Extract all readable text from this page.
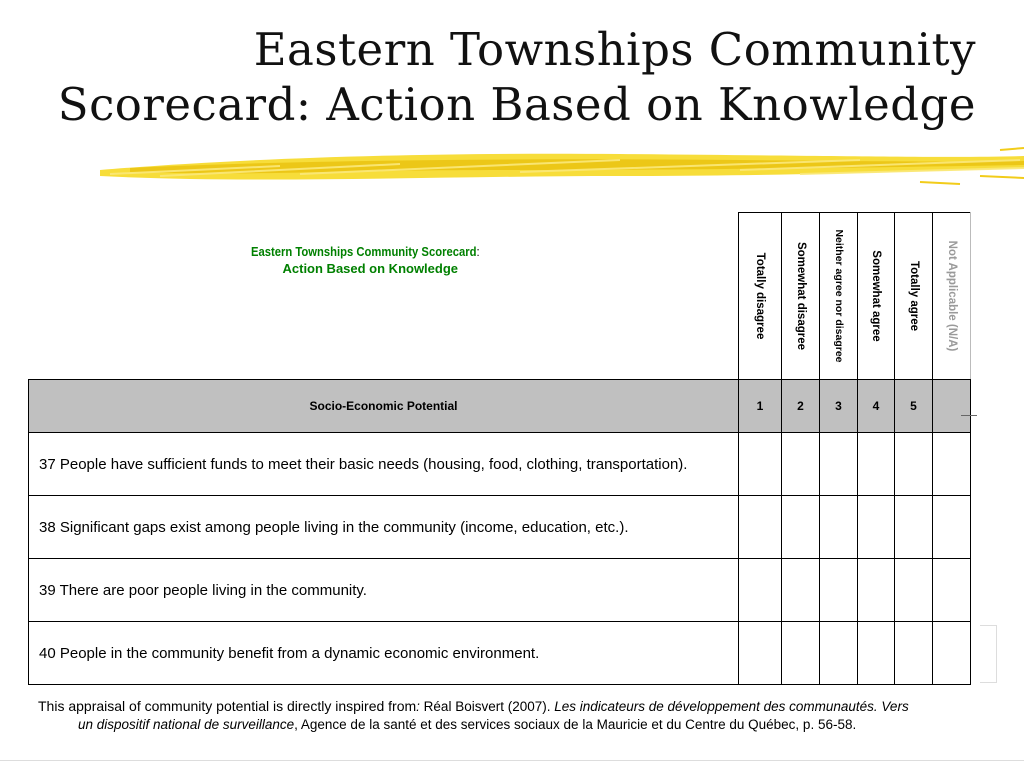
Eastern Townships Community
Scorecard: Action Based on Knowledge
Eastern Townships Community Scorecard:
Action Based on Knowledge	Totally disagree	Somewhat disagree	Neither agree nor disagree	Somewhat agree	Totally agree	Not Applicable (N/A)

Socio-Economic Potential	1	2	3	4	5	

37 People have sufficient funds to meet their basic needs (housing, food, clothing, transportation).						

38 Significant gaps exist among people living in the community (income, education, etc.).						
39 There are poor people living in the community.						
40 People in the community benefit from a dynamic economic environment.						
This appraisal of community potential is directly inspired from: Réal Boisvert (2007). Les indicateurs de développement des communautés. Vers
un dispositif national de surveillance, Agence de la santé et des services sociaux de la Mauricie et du Centre du Québec, p. 56-58.
